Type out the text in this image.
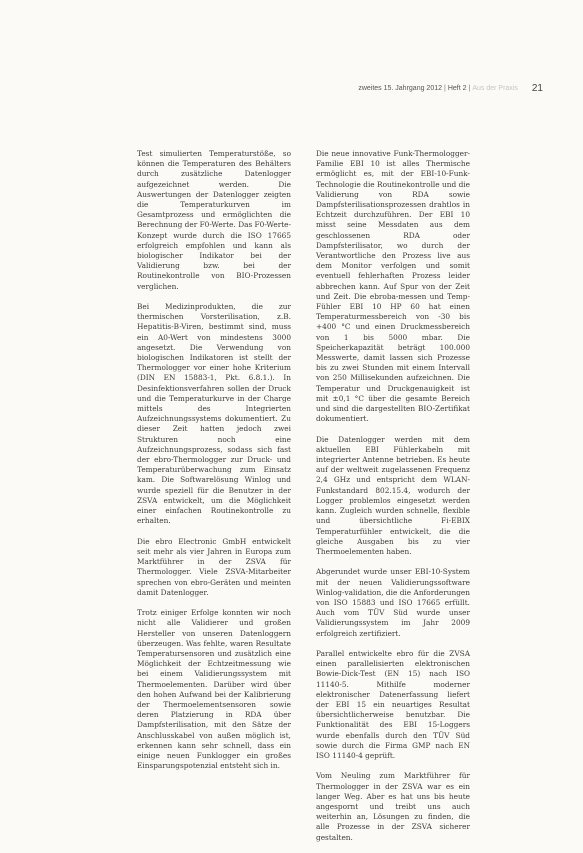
zweites 15. Jahrgang 2012 | Heft 2 | Aus der Praxis 21

Test simulierten Temperaturstöße, so können die Temperaturen des Behälters durch zusätzliche Datenlogger aufgezeichnet werden. Die Auswertungen der Datenlogger zeigten die Temperaturkurven im Gesamtprozess und ermöglichten die Berechnung der F0-Werte. Das F0-Werte-Konzept wurde durch die ISO 17665 erfolgreich empfohlen und kann als biologischer Indikator bei der Validierung bzw. bei der Routinekontrolle von BIO-Prozessen verglichen.

Bei Medizinprodukten, die zur thermischen Vorsterilisation, z.B. Hepatitis-B-Viren, bestimmt sind, muss ein A0-Wert von mindestens 3000 angesetzt. Die Verwendung von biologischen Indikatoren ist stellt der Thermologger vor einer hohe Kriterium (DIN EN 15883-1, Pkt. 6.8.1.). In Desinfektionsverfahren sollen der Druck und die Temperaturkurve in der Charge mittels des Integrierten Aufzeichnungssystems dokumentiert. Zu dieser Zeit hatten jedoch zwei Strukturen noch eine Aufzeichnungsprozess, sodass sich fast der ebro-Thermologger zur Druck- und Temperaturüberwachung zum Einsatz kam. Die Softwarelösung Winlog und wurde speziell für die Benutzer in der ZSVA entwickelt, um die Möglichkeit einer einfachen Routinekontrolle zu erhalten.

Die ebro Electronic GmbH entwickelt seit mehr als vier Jahren in Europa zum Marktführer in der ZSVA für Thermologger. Viele ZSVA-Mitarbeiter sprechen von ebro-Geräten und meinten damit Datenlogger.

Trotz einiger Erfolge konnten wir noch nicht alle Validierer und großen Hersteller von unseren Datenloggern überzeugen. Was fehlte, waren Resultate Temperatursensoren und zusätzlich eine Möglichkeit der Echtzeitmessung wie bei einem Validierungssystem mit Thermoelementen. Darüber wird über den hohen Aufwand bei der Kalibrierung der Thermoelementsensoren sowie deren Platzierung in RDA über Dampfsterilisation, mit den Sätze der Anschlusskabel von außen möglich ist, erkennen kann sehr schnell, dass ein einige neuen Funklogger ein großes Einsparungspotenzial entsteht sich in.

Die neue innovative Funk-Thermologger-Familie EBI 10 ist alles Thermische ermöglicht es, mit der EBI-10-Funk-Technologie die Routinekontrolle und die Validierung von RDA sowie Dampfsterilisationsprozessen drahtlos in Echtzeit durchzuführen. Der EBI 10 misst seine Messdaten aus dem geschlossenen RDA oder Dampfsterilisator, wo durch der Verantwortliche den Prozess live aus dem Monitor verfolgen und somit eventuell fehlerhaften Prozess leider abbrechen kann. Auf Spur von der Zeit und Zeit. Die ebroba-messen und Temp-Fühler EBI 10 HP 60 hat einen Temperaturmessbereich von -30 bis +400 °C und einen Druckmessbereich von 1 bis 5000 mbar. Die Speicherkapazität beträgt 100.000 Messwerte, damit lassen sich Prozesse bis zu zwei Stunden mit einem Intervall von 250 Millisekunden aufzeichnen. Die Temperatur und Druckgenauigkeit ist mit ±0,1 °C über die gesamte Bereich und sind die dargestellten BIO-Zertifikat dokumentiert.

Die Datenlogger werden mit dem aktuellen EBI Fühlerkabeln mit integrierter Antenne betrieben. Es heute auf der weltweit zugelassenen Frequenz 2,4 GHz und entspricht dem WLAN-Funkstandard 802.15.4, wodurch der Logger problemlos eingesetzt werden kann. Zugleich wurden schnelle, flexible und übersichtliche Fi-EBIX Temperaturfühler entwickelt, die die gleiche Ausgaben bis zu vier Thermoelementen haben.

Abgerundet wurde unser EBI-10-System mit der neuen Validierungssoftware Winlog-validation, die die Anforderungen von ISO 15883 und ISO 17665 erfüllt. Auch vom TÜV Süd wurde unser Validierungssystem im Jahr 2009 erfolgreich zertifiziert.

Parallel entwickelte ebro für die ZVSA einen parallelisierten elektronischen Bowie-Dick-Test (EN 15) nach ISO 11140-5. Mithilfe moderner elektronischer Datenerfassung liefert der EBI 15 ein neuartiges Resultat übersichtlicherweise benutzbar. Die Funktionalität des EBI 15-Loggers wurde ebenfalls durch den TÜV Süd sowie durch die Firma GMP nach EN ISO 11140-4 geprüft.

Vom Neuling zum Marktführer für Thermologger in der ZSVA war es ein langer Weg. Aber es hat uns bis heute angespornt und treibt uns auch weiterhin an, Lösungen zu finden, die alle Prozesse in der ZSVA sicherer gestalten.
